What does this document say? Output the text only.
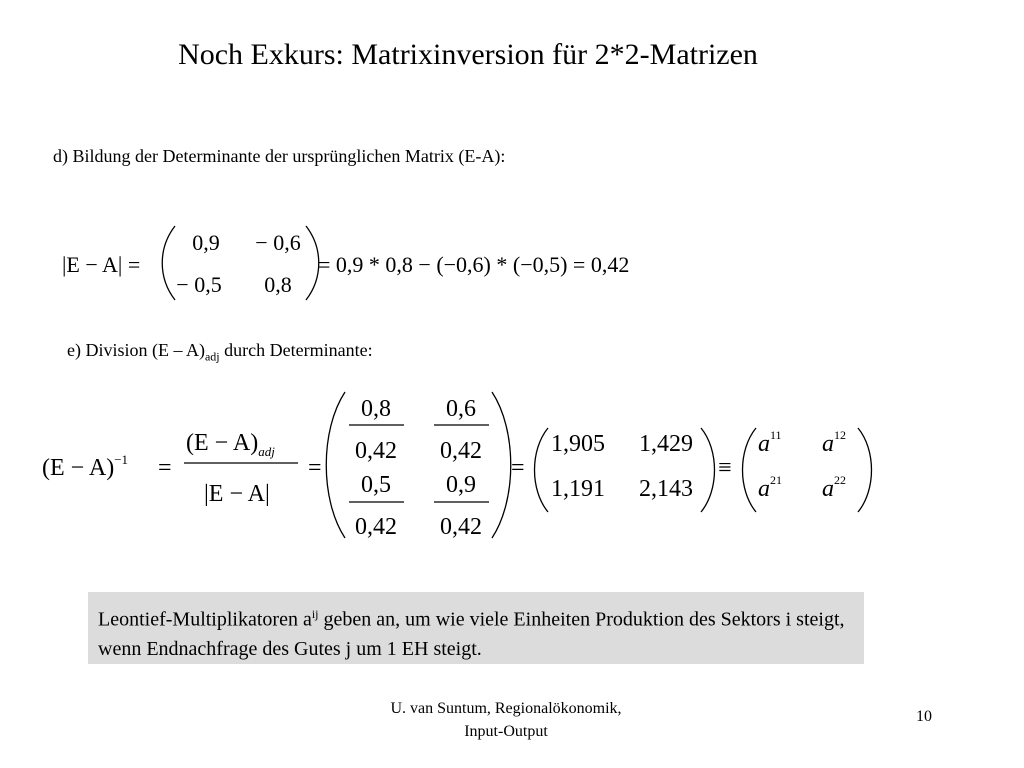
Noch Exkurs: Matrixinversion für 2*2-Matrizen
d) Bildung der Determinante der ursprünglichen Matrix (E-A):
e) Division $(E - A)_{adj}$ durch Determinante:
|E − A| =
0,9 − 0,6
− 0,5 0,8
= 0,9 * 0,8 − (−0,6) * (−0,5) = 0,42
$(E - A)^{-1}$ =
$(E - A)_{adj}$
|E − A|
=
0,8
0,42
0,6
0,42
0,5
0,42
0,9
0,42
=
1,905 1,429
1,191 2,143
≡
$a^{11}$ $a^{12}$
$a^{21}$ $a^{22}$
Leontief-Multiplikatoren $a^{ij}$ geben an, um wie viele Einheiten Produktion des Sektors i steigt, wenn Endnachfrage des Gutes j um 1 EH steigt.
U. van Suntum, Regionalökonomik,
Input-Output
10
